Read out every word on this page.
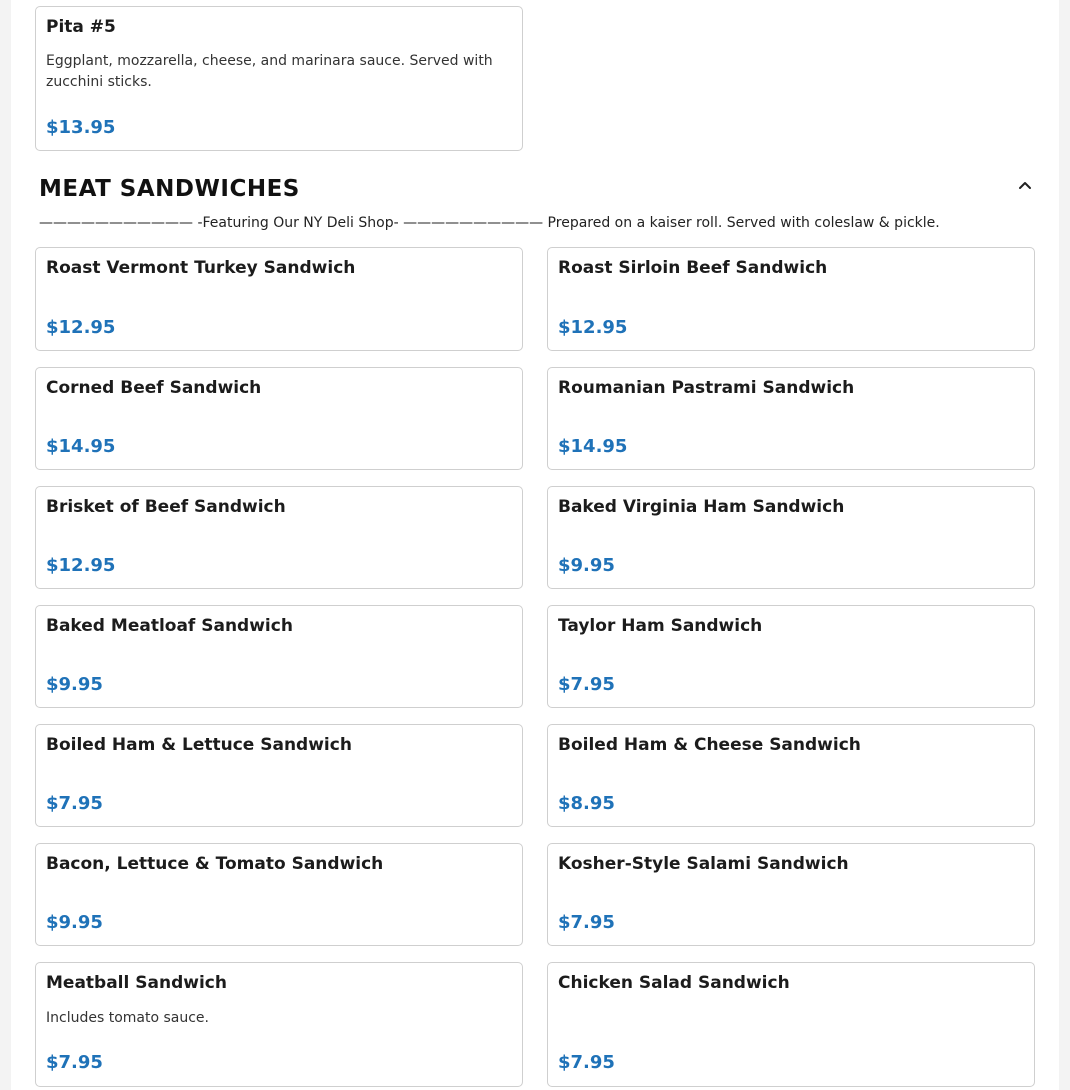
Pita #5
Eggplant, mozzarella, cheese, and marinara sauce. Served with zucchini sticks.
$13.95
MEAT SANDWICHES
——————————— -Featuring Our NY Deli Shop- —————————— Prepared on a kaiser roll. Served with coleslaw & pickle.
Roast Vermont Turkey Sandwich
$12.95
Roast Sirloin Beef Sandwich
$12.95
Corned Beef Sandwich
$14.95
Roumanian Pastrami Sandwich
$14.95
Brisket of Beef Sandwich
$12.95
Baked Virginia Ham Sandwich
$9.95
Baked Meatloaf Sandwich
$9.95
Taylor Ham Sandwich
$7.95
Boiled Ham & Lettuce Sandwich
$7.95
Boiled Ham & Cheese Sandwich
$8.95
Bacon, Lettuce & Tomato Sandwich
$9.95
Kosher-Style Salami Sandwich
$7.95
Meatball Sandwich
Includes tomato sauce.
$7.95
Chicken Salad Sandwich
$7.95
